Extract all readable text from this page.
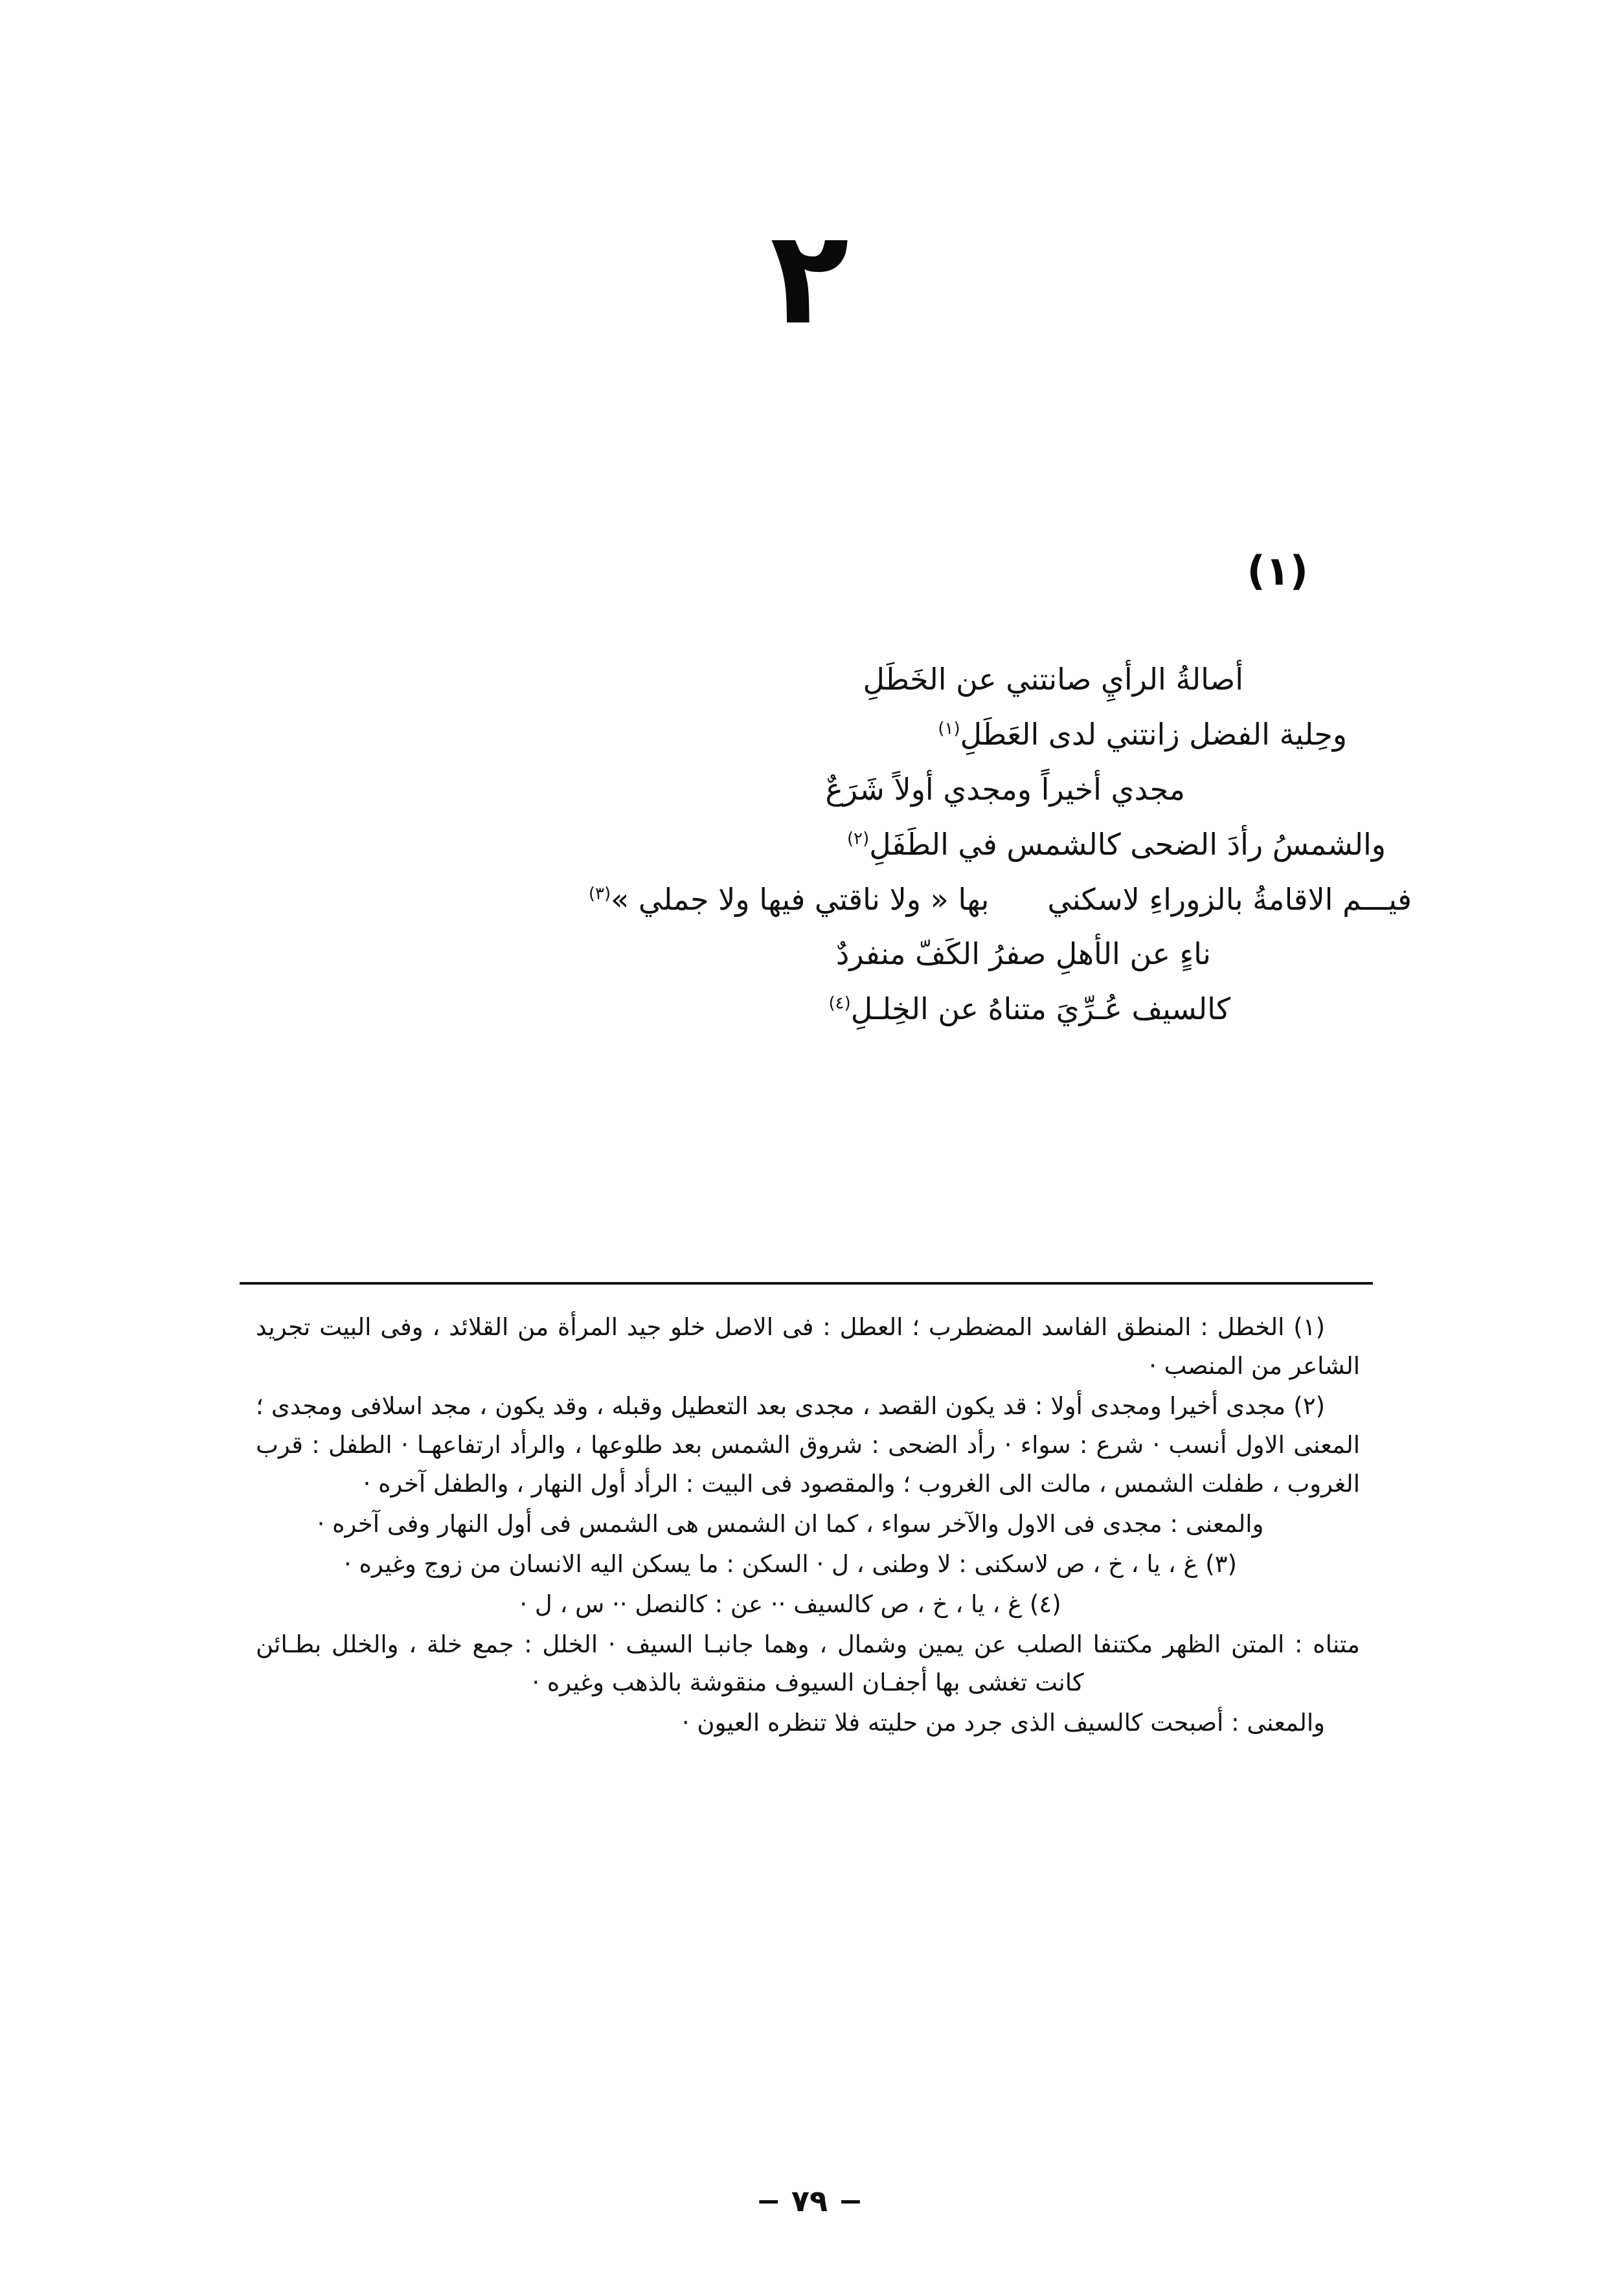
٢
(١)
أصالةُ الرأيِ صانتني عن الخَطَلِ
وحِلية الفضل زانتني لدى العَطَلِ$^{(١)}$
مجدي أخيراً ومجدي أولاً شَرَعٌ
والشمسُ رأدَ الضحى كالشمس في الطَفَلِ$^{(٢)}$
فيـــم الاقامةُ بالزوراءِ لاسكنيبها « ولا ناقتي فيها ولا جملي »$^{(٣)}$
ناءٍ عن الأهلِ صفرُ الكَفّ منفردٌ
كالسيف عُـرِّيَ متناهُ عن الخِلـلِ$^{(٤)}$
(١) الخطل : المنطق الفاسد المضطرب ؛ العطل : فى الاصل خلو جيد المرأة من القلائد ، وفى البيت تجريد الشاعر من المنصب ·
(٢) مجدى أخيرا ومجدى أولا : قد يكون القصد ، مجدى بعد التعطيل وقبله ، وقد يكون ، مجد اسلافى ومجدى ؛ المعنى الاول أنسب · شرع : سواء · رأد الضحى : شروق الشمس بعد طلوعها ، والرأد ارتفاعهـا · الطفل : قرب الغروب ، طفلت الشمس ، مالت الى الغروب ؛ والمقصود فى البيت : الرأد أول النهار ، والطفل آخره ·
والمعنى : مجدى فى الاول والآخر سواء ، كما ان الشمس هى الشمس فى أول النهار وفى آخره ·
(٣) غ ، يا ، خ ، ص لاسكنى : لا وطنى ، ل · السكن : ما يسكن اليه الانسان من زوج وغيره ·
(٤) غ ، يا ، خ ، ص كالسيف ·· عن : كالنصل ·· س ، ل ·
متناه : المتن الظهر مكتنفا الصلب عن يمين وشمال ، وهما جانبـا السيف · الخلل : جمع خلة ، والخلل بطـائن كانت تغشى بها أجفـان السيوف منقوشة بالذهب وغيره ·
والمعنى : أصبحت كالسيف الذى جرد من حليته فلا تنظره العيون ·
− ٧٩ −
